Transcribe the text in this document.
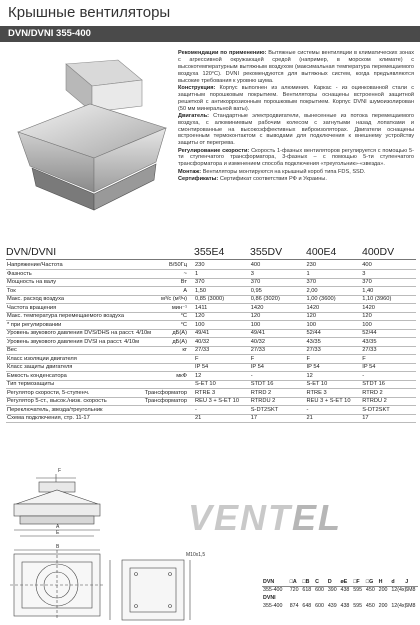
Крышные вентиляторы
DVN/DVNI 355-400

Рекомендации по применению: Вытяжные системы вентиляции в климатических зонах с агрессивной окружающей средой (например, в морском климате) с высокотемпературным вытяжным воздухом (максимальная температура перемещаемого воздуха 120°C). DVNI рекомендуются для вытяжных систем, когда предъявляются высокие требования к уровню шума.

Конструкция: Корпус выполнен из алюминия. Каркас - из оцинкованной стали с защитным порошковым покрытием. Вентиляторы оснащены встроенной защитной решеткой с антикоррозионным порошковым покрытием. Корпус DVNI шумоизолирован (50 мм минеральной ваты).

Двигатель: Стандартные электродвигатели, вынесенные из потока перемещаемого воздуха, с алюминиевым рабочим колесом с загнутыми назад лопатками и смонтированные на высокоэффективных виброизоляторах. Двигатели оснащены встроенным термоконтактом с выводами для подключения к внешнему устройству защиты от перегрева.

Регулирование скорости: Скорость 1-фазных вентиляторов регулируется с помощью 5-ти ступенчатого трансформатора, 3-фазных – с помощью 5-ти ступенчатого трансформатора и изменением способа подключения «треугольник»-«звезда».

Монтаж: Вентиляторы монтируются на крышный короб типа FDS, SSD.

Сертификаты: Сертификат соответствия РФ и Украины.

DVN/DVNI	355E4 355DV 400E4 400DV
Напряжение/Частота	В/50Гц	230	400	230	400
Фазность	~	1	3	1	3
Мощность на валу	Вт	370	370	370	370
Ток	А	1,50	0,95	2,00	1,40
Макс. расход воздуха	м³/с (м³/ч)	0,85 (3000)	0,86 (3020)	1,00 (3600)	1,10 (3960)
Частота вращения	мин⁻¹	1411	1420	1420	1420
Макс. температура перемещаемого воздуха	°С	120	120	120	120
* при регулировании	°С	100	100	100	100
Уровень звукового давления DVS/DHS на расст. 4/10м	дБ(А)	49/41	49/41	52/44	52/44
Уровень звукового давления DVSI на расст. 4/10м	дБ(А)	40/32	40/32	43/35	43/35
Вес	кг	27/33	27/33	27/33	27/33
Класс изоляции двигателя		F	F	F	F
Класс защиты двигателя		IP 54	IP 54	IP 54	IP 54
Емкость конденсатора	мкФ	12	-	12	-
Тип термозащиты		S-ET 10	STDT 16	S-ET 10	STDT 16
Регулятор скорости, 5-ступенч.	Трансформатор	RTRE 3	RTRD 2	RTRE 3	RTRD 2
Регулятор 5-ст., высок./низк. скорость	Трансформатор	REU 3 + S-ET 10	RTRDU 2	REU 3 + S-ET 10	RTRDU 2
Переключатель, звезда/треугольник		-	S-DT2SKT	-	S-DT2SKT
Схема подключения, стр. 11-17		21	17	21	17
F
A
E
B
M10x1,5
VENTEL
DVN	□A	□B	C	D	øE	□F	□G	H	d	J
355-400	720	618	600	390	438	595	450	200	12(4x)	6M8
DVNI										
355-400	874	648	600	439	438	595	450	200	12(4x)	6M8
